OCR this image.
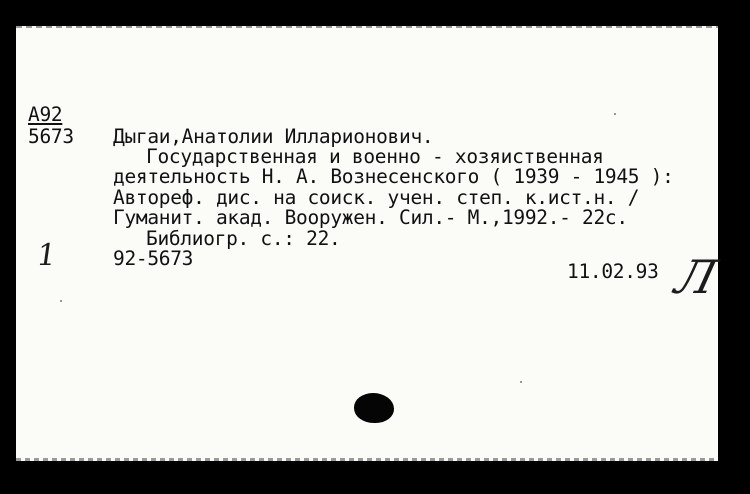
А92
5673 Дыгаи,Анатолии Илларионович.
Государственная и военно - хозяиственная
деятельность Н. А. Вознесенского ( 1939 - 1945 ):
Автореф. дис. на соиск. учен. степ. к.ист.н. /
Гуманит. акад. Вооружен. Сил.- М.,1992.- 22с.
Библиогр. с.: 22.
1	92-5673
11.02.93 Л
